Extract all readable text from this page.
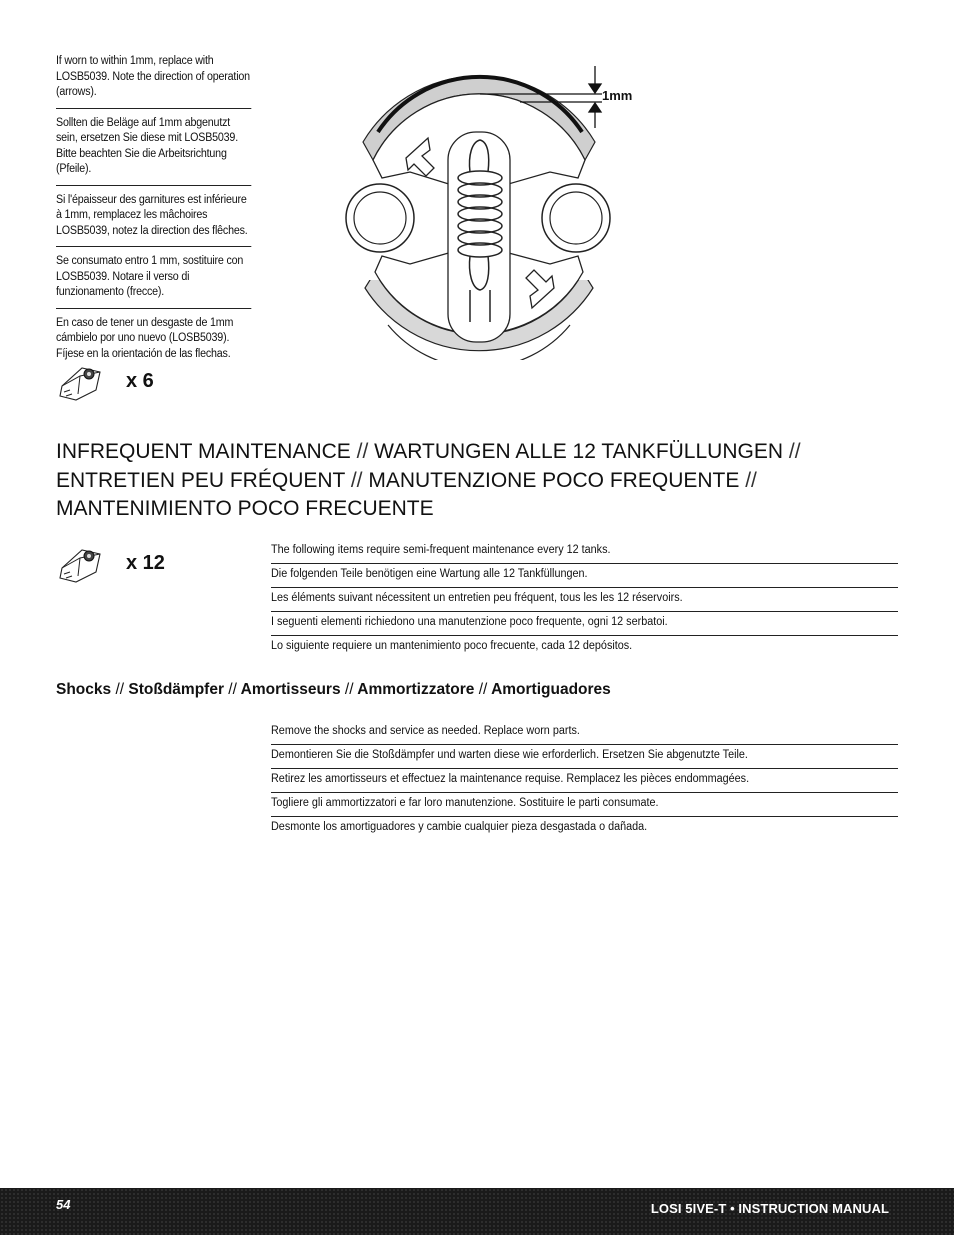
If worn to within 1mm, replace with LOSB5039. Note the direction of operation (arrows).
Sollten die Beläge auf 1mm abgenutzt sein, ersetzen Sie diese mit LOSB5039. Bitte beachten Sie die Arbeitsrichtung (Pfeile).
Si l'épaisseur des garnitures est inférieure à 1mm, remplacez les mâchoires LOSB5039, notez la direction des flêches.
Se consumato entro 1 mm, sostituire con LOSB5039. Notare il verso di funzionamento (frecce).
En caso de tener un desgaste de 1mm cámbielo por uno nuevo (LOSB5039). Fíjese en la orientación de las flechas.
1mm
x 6
INFREQUENT MAINTENANCE // WARTUNGEN ALLE 12 TANKFÜLLUNGEN //
ENTRETIEN PEU FRÉQUENT // MANUTENZIONE POCO FREQUENTE //
MANTENIMIENTO POCO FRECUENTE
x 12
The following items require semi-frequent maintenance every 12 tanks.
Die folgenden Teile benötigen eine Wartung alle 12 Tankfüllungen.
Les éléments suivant nécessitent un entretien peu fréquent, tous les les 12 réservoirs.
I seguenti elementi richiedono una manutenzione poco frequente, ogni 12 serbatoi.
Lo siguiente requiere un mantenimiento poco frecuente, cada 12 depósitos.
Shocks // Stoßdämpfer // Amortisseurs // Ammortizzatore // Amortiguadores
Remove the shocks and service as needed. Replace worn parts.
Demontieren Sie die Stoßdämpfer und warten diese wie erforderlich. Ersetzen Sie abgenutzte Teile.
Retirez les amortisseurs et effectuez la maintenance requise. Remplacez les pièces endommagées.
Togliere gli ammortizzatori e far loro manutenzione. Sostituire le parti consumate.
Desmonte los amortiguadores y cambie cualquier pieza desgastada o dañada.
54	LOSI 5IVE-T • INSTRUCTION MANUAL
